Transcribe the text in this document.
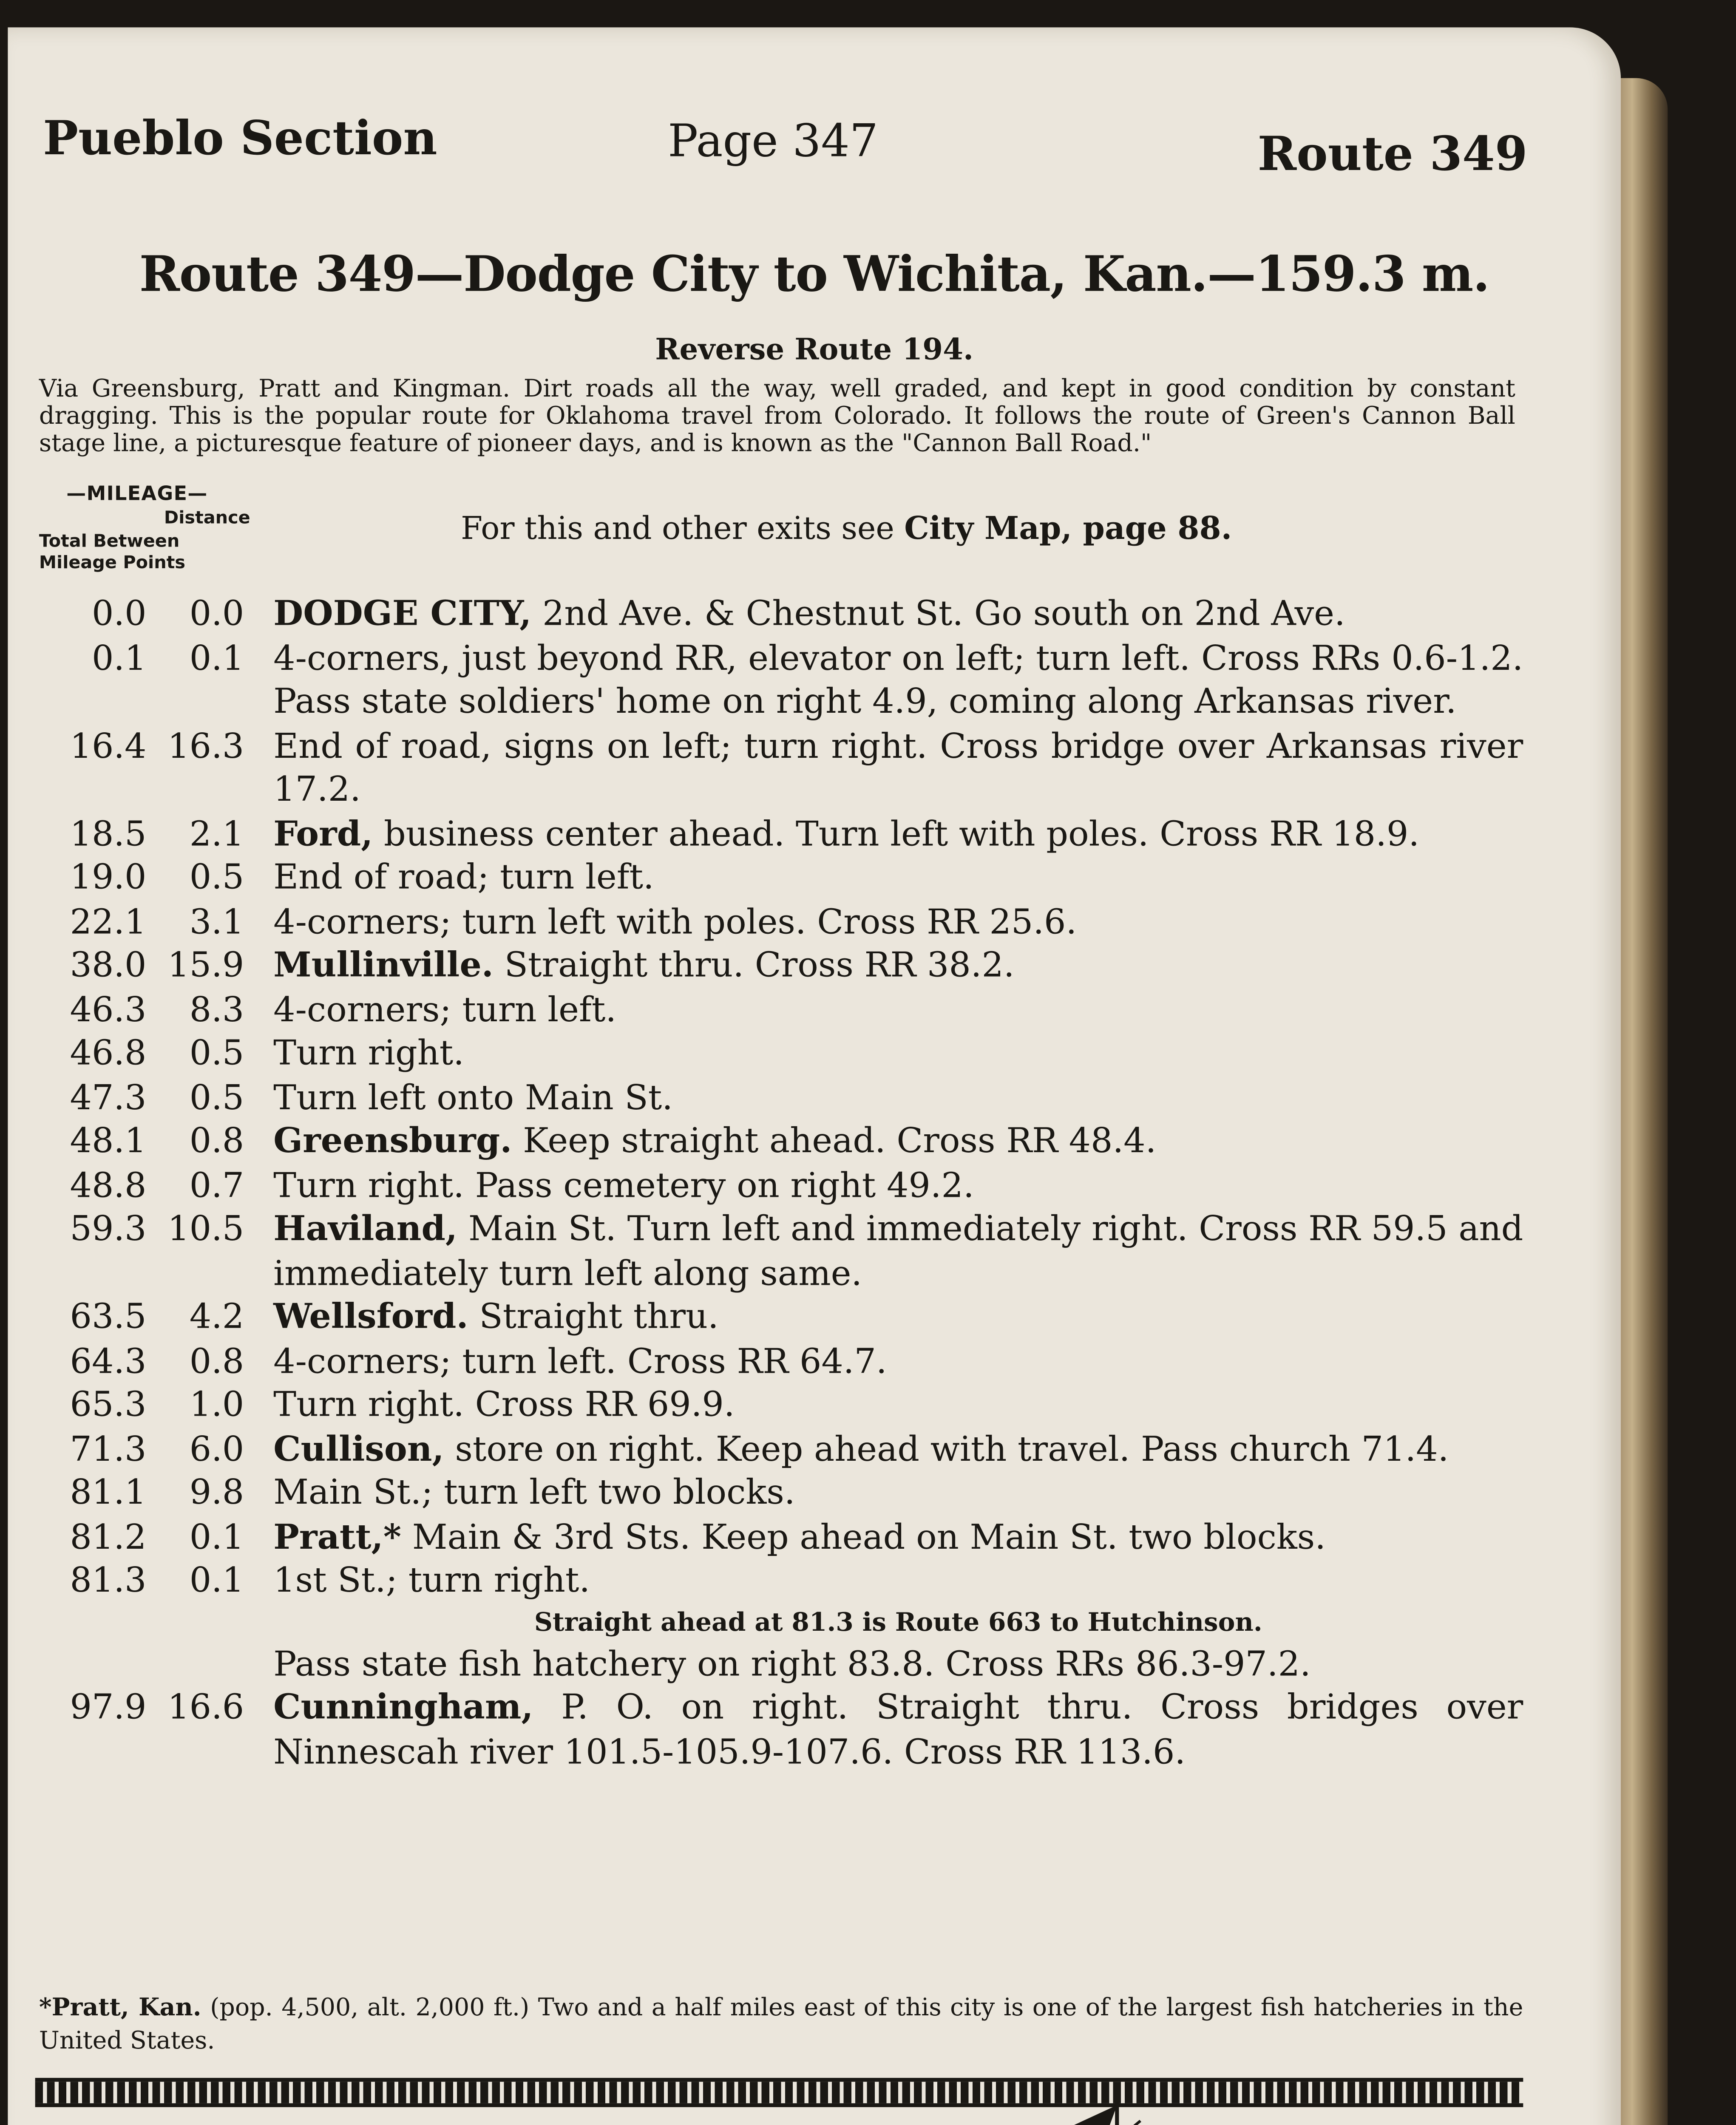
Pueblo Section	Page 347	Route 349
Route 349—Dodge City to Wichita, Kan.—159.3 m.
Reverse Route 194.
Via Greensburg, Pratt and Kingman. Dirt roads all the way, well graded, and kept in good condition by constant dragging. This is the popular route for Oklahoma travel from Colorado. It follows the route of Green's Cannon Ball stage line, a picturesque feature of pioneer days, and is known as the "Cannon Ball Road."
—MILEAGE—
Distance
Total Between
Mileage Points
For this and other exits see City Map, page 88.
0.0	0.0	DODGE CITY, 2nd Ave. & Chestnut St. Go south on 2nd Ave.
0.1	0.1	4-corners, just beyond RR, elevator on left; turn left. Cross RRs 0.6-1.2. Pass state soldiers' home on right 4.9, coming along Arkansas river.
16.4	16.3	End of road, signs on left; turn right. Cross bridge over Arkansas river 17.2.
18.5	2.1	Ford, business center ahead. Turn left with poles. Cross RR 18.9.
19.0	0.5	End of road; turn left.
22.1	3.1	4-corners; turn left with poles. Cross RR 25.6.
38.0	15.9	Mullinville. Straight thru. Cross RR 38.2.
46.3	8.3	4-corners; turn left.
46.8	0.5	Turn right.
47.3	0.5	Turn left onto Main St.
48.1	0.8	Greensburg. Keep straight ahead. Cross RR 48.4.
48.8	0.7	Turn right. Pass cemetery on right 49.2.
59.3	10.5	Haviland, Main St. Turn left and immediately right. Cross RR 59.5 and immediately turn left along same.
63.5	4.2	Wellsford. Straight thru.
64.3	0.8	4-corners; turn left. Cross RR 64.7.
65.3	1.0	Turn right. Cross RR 69.9.
71.3	6.0	Cullison, store on right. Keep ahead with travel. Pass church 71.4.
81.1	9.8	Main St.; turn left two blocks.
81.2	0.1	Pratt,* Main & 3rd Sts. Keep ahead on Main St. two blocks.
81.3	0.1	1st St.; turn right.
Straight ahead at 81.3 is Route 663 to Hutchinson.
Pass state fish hatchery on right 83.8. Cross RRs 86.3-97.2.
97.9	16.6	Cunningham,	P. O. on right. Straight thru. Cross bridges over Ninnescah river 101.5-105.9-107.6. Cross RR 113.6.
*Pratt, Kan. (pop. 4,500, alt. 2,000 ft.) Two and a half miles east of this city is one of the largest fish hatcheries in the United States.
